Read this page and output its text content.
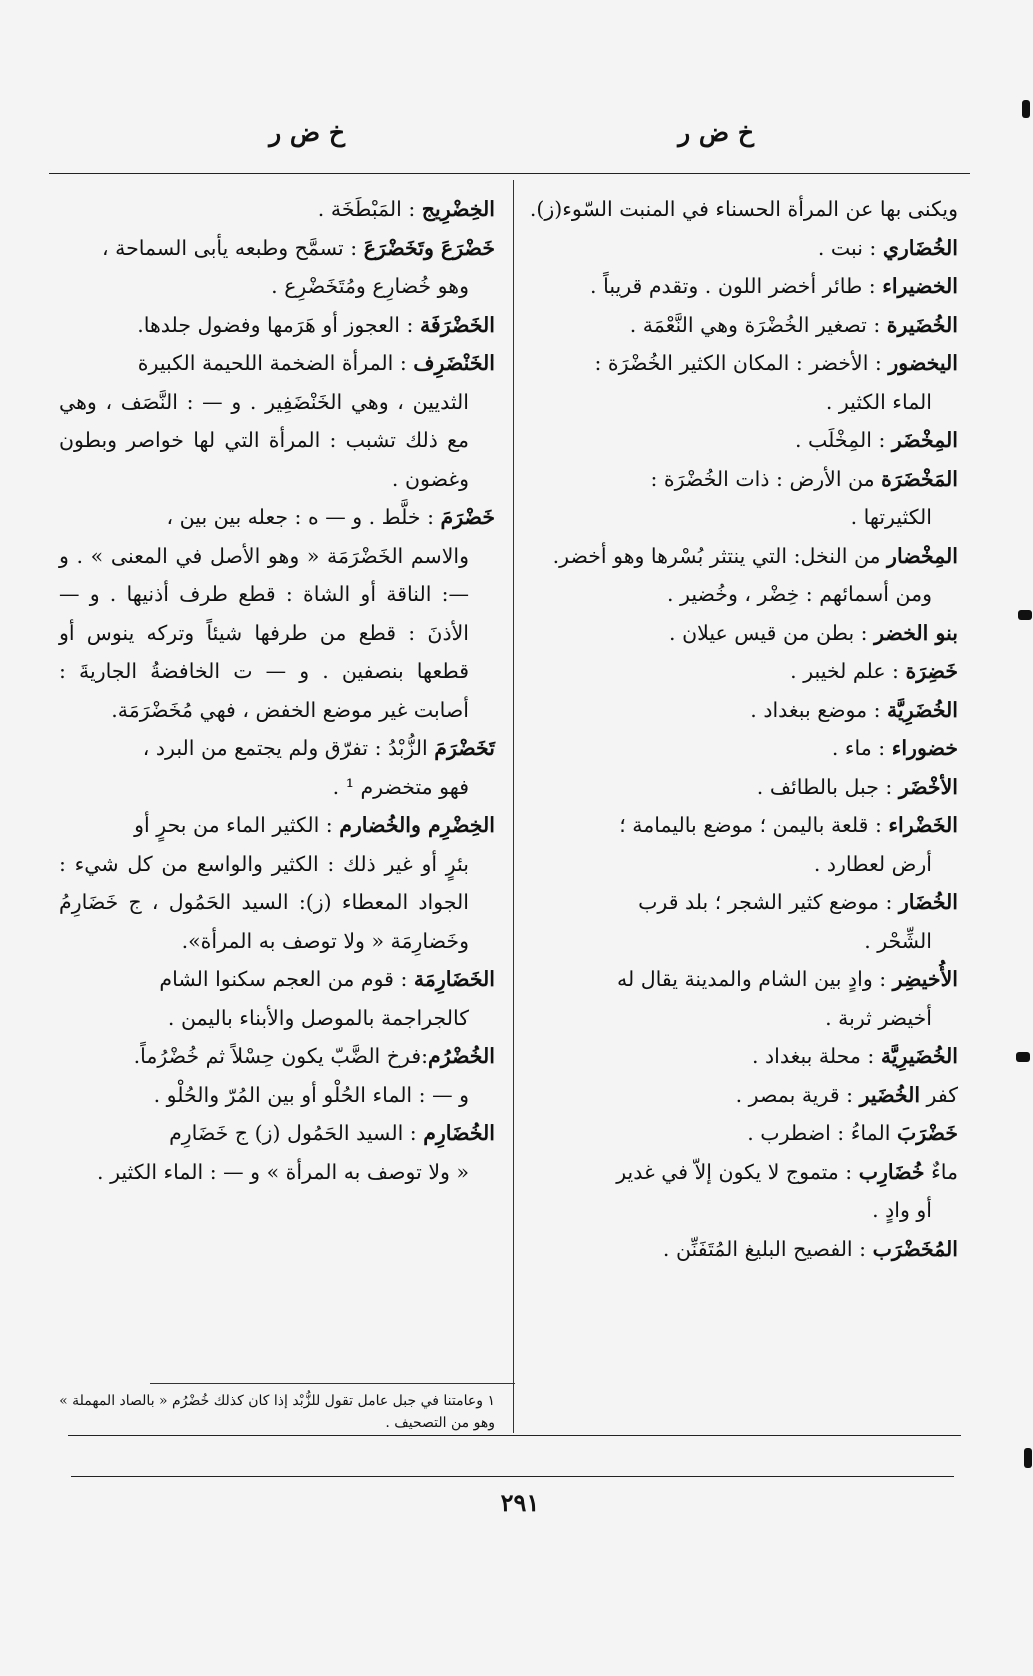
خ ض ر
خ ض ر
ويكنى بها عن المرأة الحسناء في المنبت السّوء(ز).
الخُضَاري : نبت .
الخضيراء : طائر أخضر اللون . وتقدم قريباً .
الخُضَيرة : تصغير الخُضْرَة وهي النَّعْمَة .
اليخضور : الأخضر : المكان الكثير الخُضْرَة :
الماء الكثير .
المِخْضَر : المِخْلَب .
المَخْضَرَة من الأرض : ذات الخُضْرَة :
الكثيرتها .
المِخْضار من النخل: التي ينتثر بُسْرها وهو أخضر.
ومن أسمائهم : خِضْر ، وخُضير .
بنو الخضر : بطن من قيس عيلان .
خَضِرَة : علم لخيبر .
الخُضَرِيَّة : موضع ببغداد .
خضوراء : ماء .
الأخْضَر : جبل بالطائف .
الخَضْراء : قلعة باليمن ؛ موضع باليمامة ؛
أرض لعطارد .
الخُضَار : موضع كثير الشجر ؛ بلد قرب
الشِّحْر .
الأُخيضِر : وادٍ بين الشام والمدينة يقال له
أخيضر ثربة .
الخُضَيرِيَّة : محلة ببغداد .
كفر الخُضَير : قرية بمصر .
خَضْرَبَ الماءُ : اضطرب .
ماءٌ خُضَارِب : متموج لا يكون إلاّ في غدير
أو وادٍ .
المُخَضْرَب : الفصيح البليغ المُتَفَنِّن .
الخِضْرِيج : المَبْطَخَة .
خَضْرَعَ وتَخَضْرَعَ : تسمَّح وطبعه يأبى السماحة ،
وهو خُضارِع ومُتَخَضْرِع .
الخَضْرَفَة : العجوز أو هَرَمها وفضول جلدها.
الخَنْضَرِف : المرأة الضخمة اللحيمة الكبيرة
الثديين ، وهي الخَنْضَفِير . و — : النَّصَف ، وهي مع ذلك تشبب : المرأة التي لها خواصر وبطون وغضون .
خَضْرَمَ : خلَّط . و — ه : جعله بين بين ،
والاسم الخَضْرَمَة « وهو الأصل في المعنى » . و —: الناقة أو الشاة : قطع طرف أذنيها . و — الأذنَ : قطع من طرفها شيئاً وتركه ينوس أو قطعها بنصفين . و — ت الخافضةُ الجاريةَ : أصابت غير موضع الخفض ، فهي مُخَضْرَمَة.
تَخَضْرَمَ الزُّبْدُ : تفرّق ولم يجتمع من البرد ،
فهو متخضرم ¹ .
الخِضْرِم والخُضارم : الكثير الماء من بحرٍ أو
بئرٍ أو غير ذلك : الكثير والواسع من كل شيء : الجواد المعطاء (ز): السيد الحَمُول ، ج خَضَارِمُ وخَضارِمَة « ولا توصف به المرأة».
الخَضَارِمَة : قوم من العجم سكنوا الشام
كالجراجمة بالموصل والأبناء باليمن .
الخُضْرُم:فرخ الضَّبّ يكون حِسْلاً ثم خُضْرُماً.
و — : الماء الحُلْو أو بين المُرّ والحُلْو .
الخُضَارِم : السيد الحَمُول (ز) ج خَضَارِم
« ولا توصف به المرأة » و — : الماء الكثير .
١ وعامتنا في جبل عامل تقول للزُّبْد إذا كان كذلك خُضْرُم « بالصاد المهملة » وهو من التصحيف .
٢٩١
